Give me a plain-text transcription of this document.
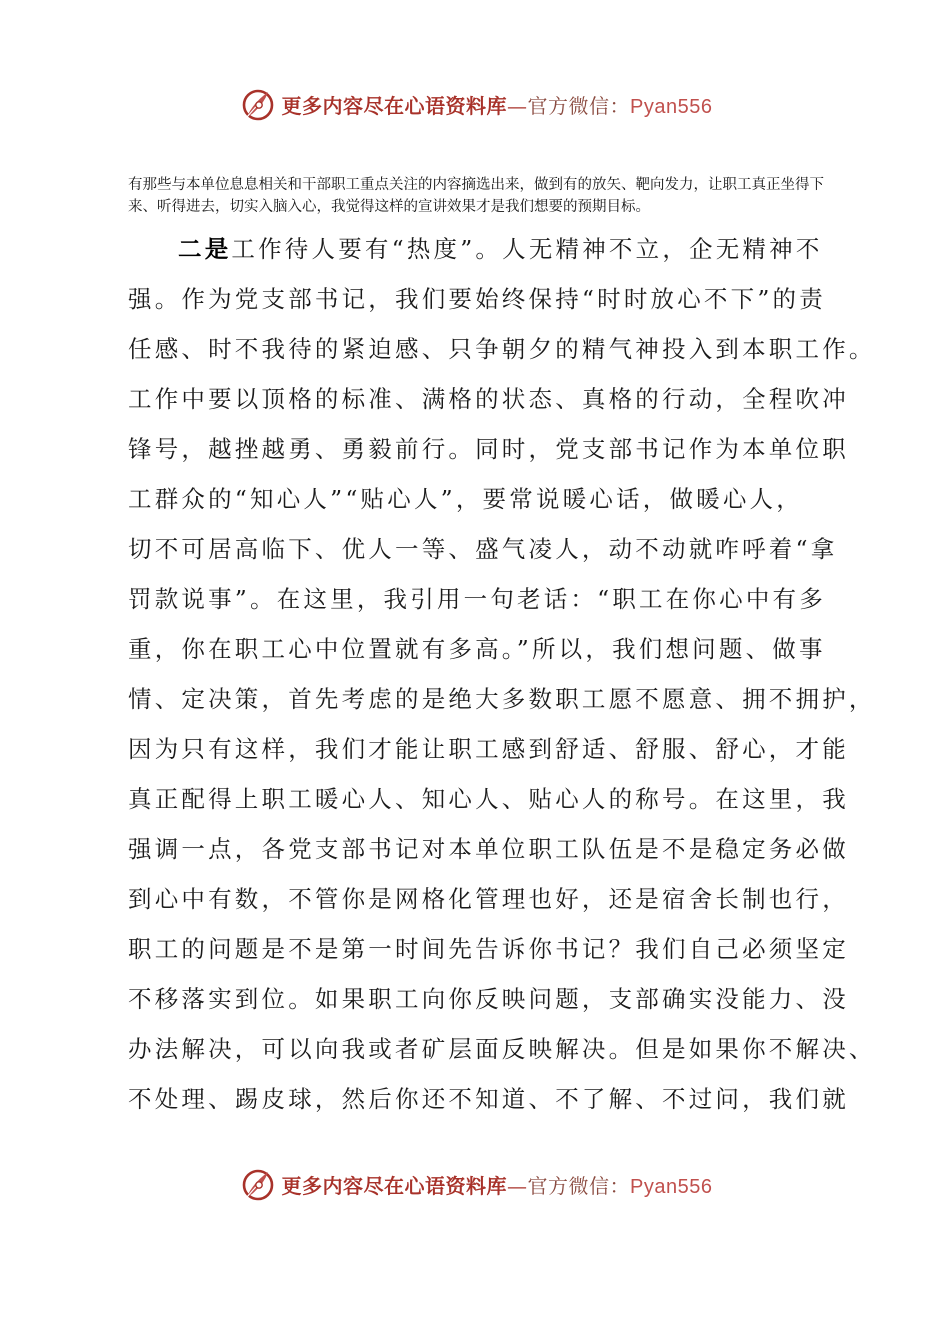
更多内容尽在心语资料库—官方微信：Pyan556

有那些与本单位息息相关和干部职工重点关注的内容摘选出来，做到有的放矢、靶向发力，让职工真正坐得下来、听得进去，切实入脑入心，我觉得这样的宣讲效果才是我们想要的预期目标。

二是工作待人要有“热度”。人无精神不立，企无精神不
强。作为党支部书记，我们要始终保持“时时放心不下”的责
任感、时不我待的紧迫感、只争朝夕的精气神投入到本职工作。
工作中要以顶格的标准、满格的状态、真格的行动，全程吹冲
锋号，越挫越勇、勇毅前行。同时，党支部书记作为本单位职
工群众的“知心人”“贴心人”，要常说暖心话，做暖心人，
切不可居高临下、优人一等、盛气凌人，动不动就咋呼着“拿
罚款说事”。在这里，我引用一句老话：“职工在你心中有多
重，你在职工心中位置就有多高。”所以，我们想问题、做事
情、定决策，首先考虑的是绝大多数职工愿不愿意、拥不拥护，
因为只有这样，我们才能让职工感到舒适、舒服、舒心，才能
真正配得上职工暖心人、知心人、贴心人的称号。在这里，我
强调一点，各党支部书记对本单位职工队伍是不是稳定务必做
到心中有数，不管你是网格化管理也好，还是宿舍长制也行，
职工的问题是不是第一时间先告诉你书记？我们自己必须坚定
不移落实到位。如果职工向你反映问题，支部确实没能力、没
办法解决，可以向我或者矿层面反映解决。但是如果你不解决、
不处理、踢皮球，然后你还不知道、不了解、不过问，我们就
更多内容尽在心语资料库—官方微信：Pyan556
